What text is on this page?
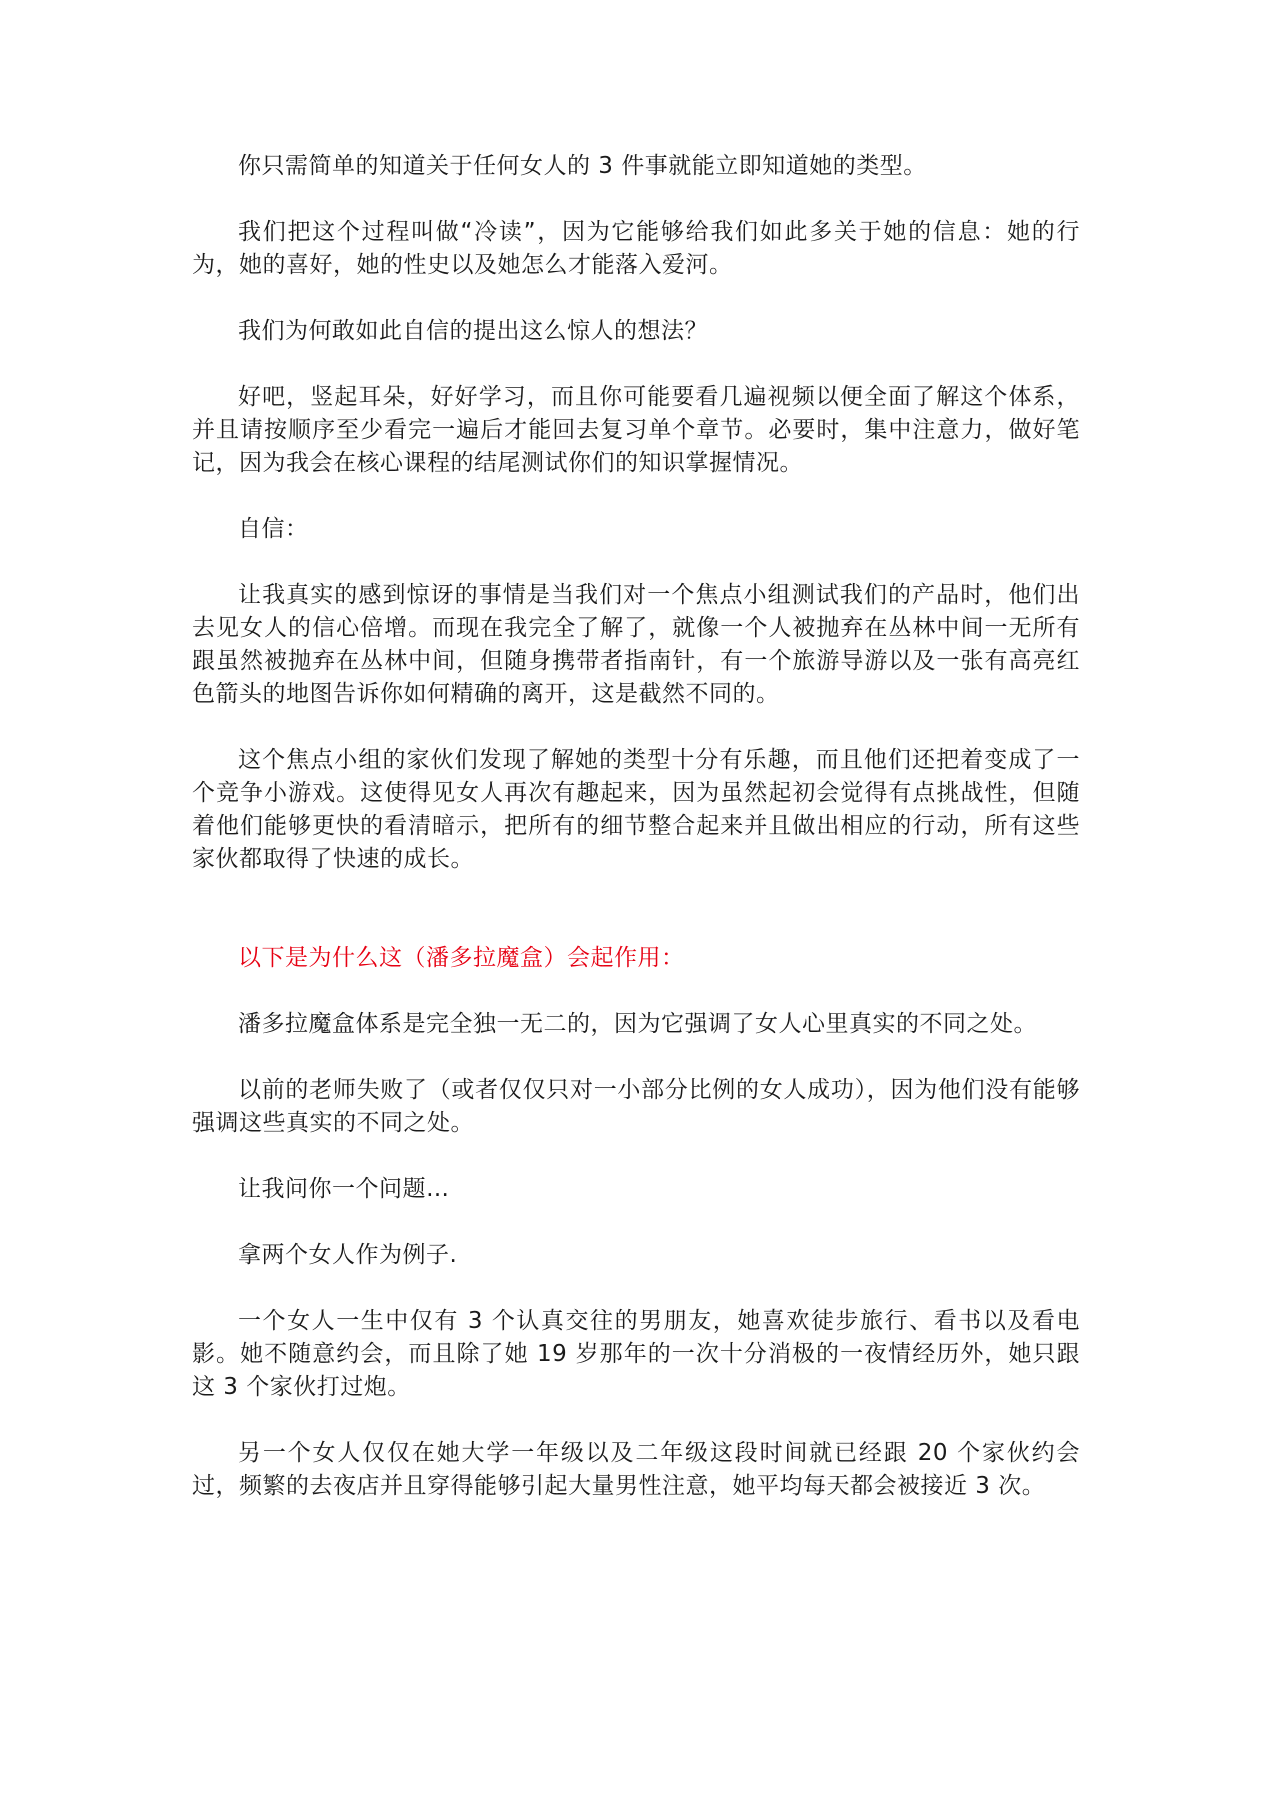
你只需简单的知道关于任何女人的 3 件事就能立即知道她的类型。

我们把这个过程叫做“冷读”，因为它能够给我们如此多关于她的信息：她的行为，她的喜好，她的性史以及她怎么才能落入爱河。

我们为何敢如此自信的提出这么惊人的想法？

好吧，竖起耳朵，好好学习，而且你可能要看几遍视频以便全面了解这个体系，并且请按顺序至少看完一遍后才能回去复习单个章节。必要时，集中注意力，做好笔记，因为我会在核心课程的结尾测试你们的知识掌握情况。

自信：

让我真实的感到惊讶的事情是当我们对一个焦点小组测试我们的产品时，他们出去见女人的信心倍增。而现在我完全了解了，就像一个人被抛弃在丛林中间一无所有跟虽然被抛弃在丛林中间，但随身携带者指南针，有一个旅游导游以及一张有高亮红色箭头的地图告诉你如何精确的离开，这是截然不同的。

这个焦点小组的家伙们发现了解她的类型十分有乐趣，而且他们还把着变成了一个竞争小游戏。这使得见女人再次有趣起来，因为虽然起初会觉得有点挑战性，但随着他们能够更快的看清暗示，把所有的细节整合起来并且做出相应的行动，所有这些家伙都取得了快速的成长。

以下是为什么这（潘多拉魔盒）会起作用：

潘多拉魔盒体系是完全独一无二的，因为它强调了女人心里真实的不同之处。

以前的老师失败了（或者仅仅只对一小部分比例的女人成功），因为他们没有能够强调这些真实的不同之处。

让我问你一个问题…

拿两个女人作为例子.

一个女人一生中仅有 3 个认真交往的男朋友，她喜欢徒步旅行、看书以及看电影。她不随意约会，而且除了她 19 岁那年的一次十分消极的一夜情经历外，她只跟这 3 个家伙打过炮。

另一个女人仅仅在她大学一年级以及二年级这段时间就已经跟 20 个家伙约会过，频繁的去夜店并且穿得能够引起大量男性注意，她平均每天都会被接近 3 次。
